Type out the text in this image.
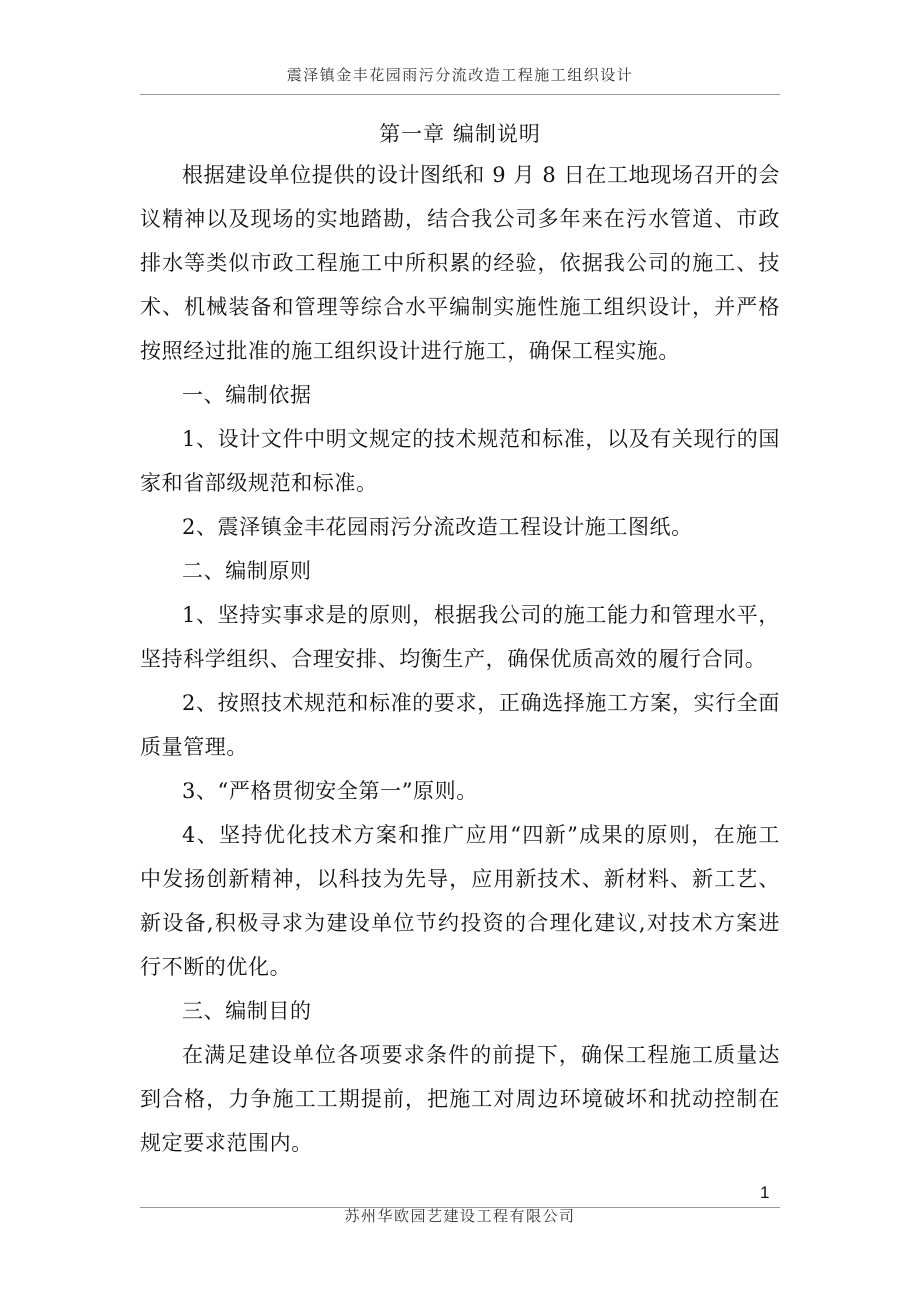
震泽镇金丰花园雨污分流改造工程施工组织设计
第一章 编制说明

根据建设单位提供的设计图纸和 9 月 8 日在工地现场召开的会议精神以及现场的实地踏勘，结合我公司多年来在污水管道、市政排水等类似市政工程施工中所积累的经验，依据我公司的施工、技术、机械装备和管理等综合水平编制实施性施工组织设计，并严格按照经过批准的施工组织设计进行施工，确保工程实施。

一、编制依据

1、设计文件中明文规定的技术规范和标准，以及有关现行的国家和省部级规范和标准。

2、震泽镇金丰花园雨污分流改造工程设计施工图纸。

二、编制原则

1、坚持实事求是的原则，根据我公司的施工能力和管理水平，坚持科学组织、合理安排、均衡生产，确保优质高效的履行合同。

2、按照技术规范和标准的要求，正确选择施工方案，实行全面质量管理。

3、“严格贯彻安全第一”原则。

4、坚持优化技术方案和推广应用“四新”成果的原则，在施工中发扬创新精神，以科技为先导，应用新技术、新材料、新工艺、新设备,积极寻求为建设单位节约投资的合理化建议,对技术方案进行不断的优化。

三、编制目的

在满足建设单位各项要求条件的前提下，确保工程施工质量达到合格，力争施工工期提前，把施工对周边环境破坏和扰动控制在规定要求范围内。

1
苏州华欧园艺建设工程有限公司
